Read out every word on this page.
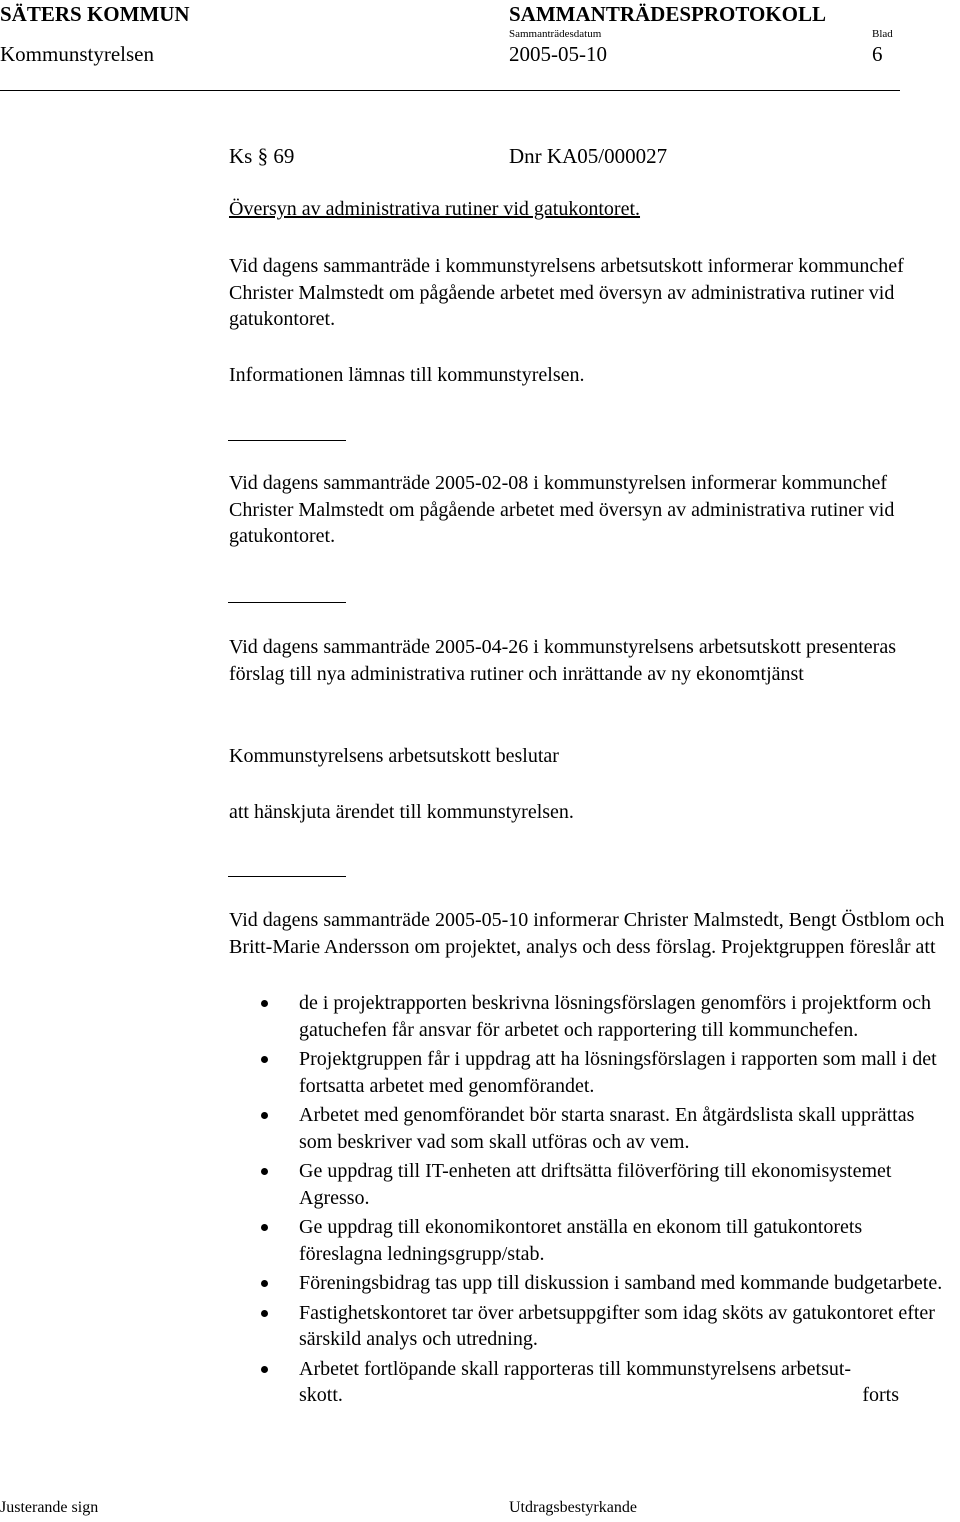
SÄTERS KOMMUN	SAMMANTRÄDESPROTOKOLL
Sammanträdesdatum	Blad
Kommunstyrelsen	2005-05-10	6
Ks § 69	Dnr KA05/000027
Översyn av administrativa rutiner vid gatukontoret.
Vid dagens sammanträde i kommunstyrelsens arbetsutskott informerar kommunchef Christer Malmstedt om pågående arbetet med översyn av administrativa rutiner vid gatukontoret.
Informationen lämnas till kommunstyrelsen.
Vid dagens sammanträde 2005-02-08 i kommunstyrelsen informerar kommunchef Christer Malmstedt om pågående arbetet med översyn av administrativa rutiner vid gatukontoret.
Vid dagens sammanträde 2005-04-26 i kommunstyrelsens arbetsutskott presenteras förslag till nya administrativa rutiner och inrättande av ny ekonomtjänst
Kommunstyrelsens arbetsutskott beslutar
att hänskjuta ärendet till kommunstyrelsen.
Vid dagens sammanträde 2005-05-10 informerar Christer Malmstedt, Bengt Östblom och Britt-Marie Andersson om projektet, analys och dess förslag. Projektgruppen föreslår att
de i projektrapporten beskrivna lösningsförslagen genomförs i projektform och gatuchefen får ansvar för arbetet och rapportering till kommunchefen.
Projektgruppen får i uppdrag att ha lösningsförslagen i rapporten som mall i det fortsatta arbetet med genomförandet.
Arbetet med genomförandet bör starta snarast. En åtgärdslista skall upprättas som beskriver vad som skall utföras och av vem.
Ge uppdrag till IT-enheten att driftsätta filöverföring till ekonomisystemet Agresso.
Ge uppdrag till ekonomikontoret anställa en ekonom till gatukontorets föreslagna ledningsgrupp/stab.
Föreningsbidrag tas upp till diskussion i samband med kommande budgetarbete.
Fastighetskontoret tar över arbetsuppgifter som idag sköts av gatukontoret efter särskild analys och utredning.
Arbetet fortlöpande skall rapporteras till kommunstyrelsens arbetsut-
skott.	forts
Justerande sign	Utdragsbestyrkande
